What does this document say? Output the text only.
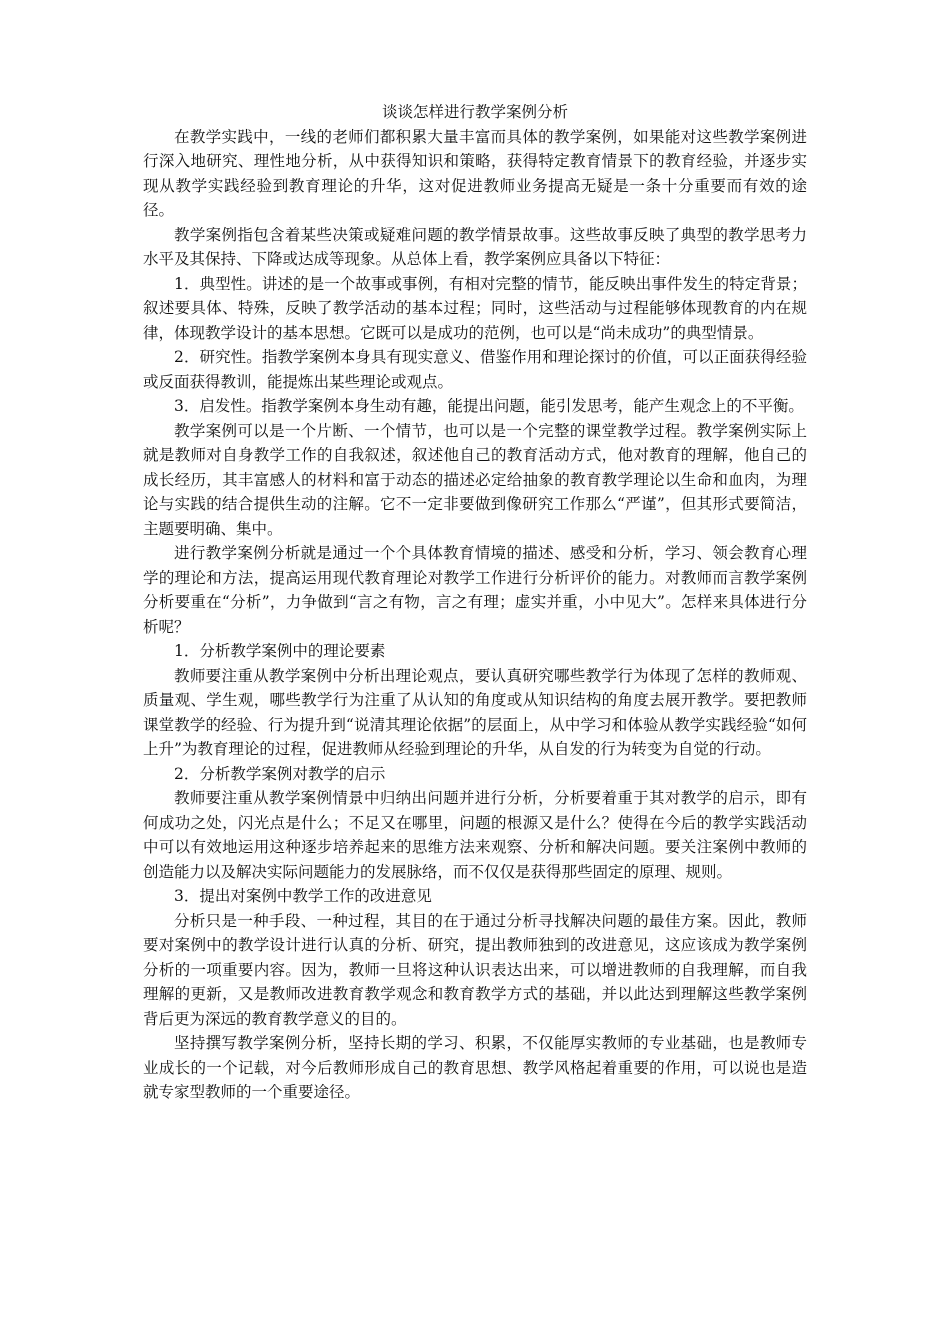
谈谈怎样进行教学案例分析

在教学实践中，一线的老师们都积累大量丰富而具体的教学案例，如果能对这些教学案例进行深入地研究、理性地分析，从中获得知识和策略，获得特定教育情景下的教育经验，并逐步实现从教学实践经验到教育理论的升华，这对促进教师业务提高无疑是一条十分重要而有效的途径。

教学案例指包含着某些决策或疑难问题的教学情景故事。这些故事反映了典型的教学思考力水平及其保持、下降或达成等现象。从总体上看，教学案例应具备以下特征：

1．典型性。讲述的是一个故事或事例，有相对完整的情节，能反映出事件发生的特定背景；叙述要具体、特殊，反映了教学活动的基本过程；同时，这些活动与过程能够体现教育的内在规律，体现教学设计的基本思想。它既可以是成功的范例，也可以是“尚未成功”的典型情景。

2．研究性。指教学案例本身具有现实意义、借鉴作用和理论探讨的价值，可以正面获得经验或反面获得教训，能提炼出某些理论或观点。

3．启发性。指教学案例本身生动有趣，能提出问题，能引发思考，能产生观念上的不平衡。

教学案例可以是一个片断、一个情节，也可以是一个完整的课堂教学过程。教学案例实际上就是教师对自身教学工作的自我叙述，叙述他自己的教育活动方式，他对教育的理解，他自己的成长经历，其丰富感人的材料和富于动态的描述必定给抽象的教育教学理论以生命和血肉，为理论与实践的结合提供生动的注解。它不一定非要做到像研究工作那么“严谨”，但其形式要简洁，主题要明确、集中。

进行教学案例分析就是通过一个个具体教育情境的描述、感受和分析，学习、领会教育心理学的理论和方法，提高运用现代教育理论对教学工作进行分析评价的能力。对教师而言教学案例分析要重在“分析”，力争做到“言之有物，言之有理；虚实并重，小中见大”。怎样来具体进行分析呢？

1．分析教学案例中的理论要素

教师要注重从教学案例中分析出理论观点，要认真研究哪些教学行为体现了怎样的教师观、质量观、学生观，哪些教学行为注重了从认知的角度或从知识结构的角度去展开教学。要把教师课堂教学的经验、行为提升到“说清其理论依据”的层面上，从中学习和体验从教学实践经验“如何上升”为教育理论的过程，促进教师从经验到理论的升华，从自发的行为转变为自觉的行动。

2．分析教学案例对教学的启示

教师要注重从教学案例情景中归纳出问题并进行分析，分析要着重于其对教学的启示，即有何成功之处，闪光点是什么；不足又在哪里，问题的根源又是什么？使得在今后的教学实践活动中可以有效地运用这种逐步培养起来的思维方法来观察、分析和解决问题。要关注案例中教师的创造能力以及解决实际问题能力的发展脉络，而不仅仅是获得那些固定的原理、规则。

3．提出对案例中教学工作的改进意见

分析只是一种手段、一种过程，其目的在于通过分析寻找解决问题的最佳方案。因此，教师要对案例中的教学设计进行认真的分析、研究，提出教师独到的改进意见，这应该成为教学案例分析的一项重要内容。因为，教师一旦将这种认识表达出来，可以增进教师的自我理解，而自我理解的更新，又是教师改进教育教学观念和教育教学方式的基础，并以此达到理解这些教学案例背后更为深远的教育教学意义的目的。

坚持撰写教学案例分析，坚持长期的学习、积累，不仅能厚实教师的专业基础，也是教师专业成长的一个记载，对今后教师形成自己的教育思想、教学风格起着重要的作用，可以说也是造就专家型教师的一个重要途径。
